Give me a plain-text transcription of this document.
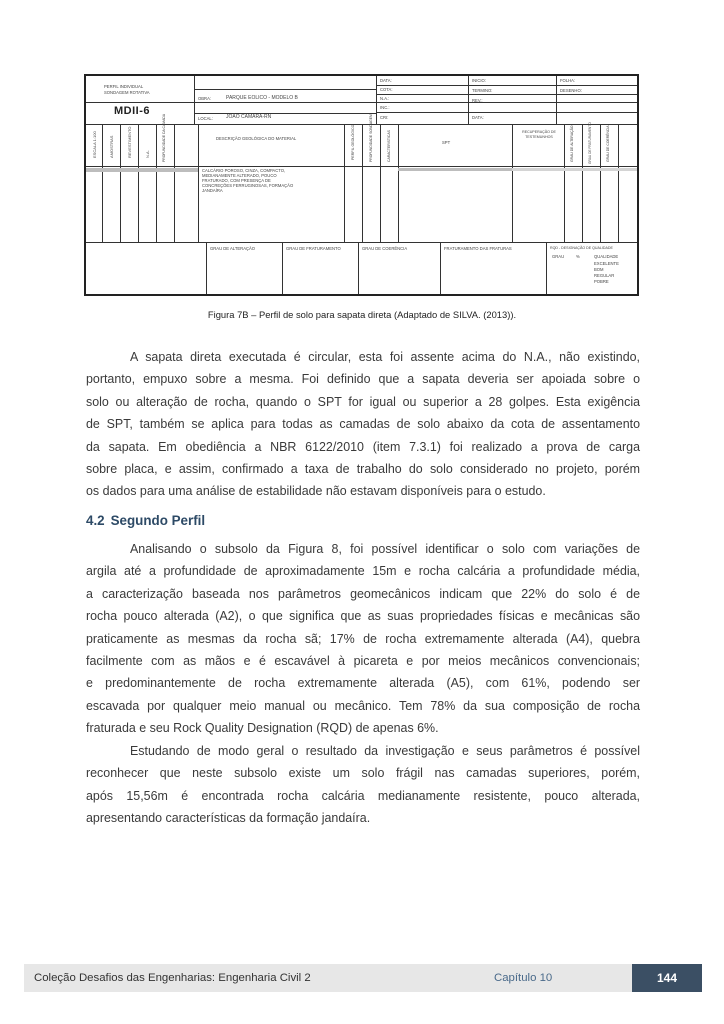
PERFIL INDIVIDUAL
SONDAGEM ROTATIVA
MDII-6
OBRA:	PARQUE EOLICO - MODELO B
LOCAL:	JOÃO CÂMARA-RN
DATA:
COTA:
N.A.:
INC.:
CRI:
INICIO:	FOLHA:
TERMINO:	DESENHO:
REV.:
DATA:
ESCALA 1:100	AMOSTRAS	REVESTIMENTO	N.A.	PROFUNDIDADE DA CAMADA	DESCRIÇÃO GEOLÓGICA DO MATERIAL	PERFIL GEOLÓGICO	PROFUNDIDADE SONDAGEM	CARACTERISTICAS	SPT
RECUPERAÇÃO DE TESTEMUNHOS	GRAU DE ALTERAÇÃO	GRAU DE FRATURAMENTO	GRAU DE COERÊNCIA
CALCÁRIO POROSO, CINZA, COMPACTO,
MEDIANAMENTE ALTERADO, POUCO
FRATURADO, COM PRESENÇA DE
CONCREÇÕES FERRUGINOSAS, FORMAÇÃO
JANDAÍRA
GRAU DE ALTERAÇÃO	GRAU DE FRATURAMENTO	GRAU DE COERÊNCIA	FRATURAMENTO DAS FRATURAS	RQD - DESIGNAÇÃO DE QUALIDADE
GRAU	%	QUALIDADE
EXCELENTE
BOM
REGULAR
POBRE
Figura 7B – Perfil de solo para sapata direta (Adaptado de SILVA. (2013)).
A sapata direta executada é circular, esta foi assente acima do N.A., não existindo,
portanto, empuxo sobre a mesma. Foi definido que a sapata deveria ser apoiada sobre o
solo ou alteração de rocha, quando o SPT for igual ou superior a 28 golpes. Esta exigência
de SPT, também se aplica para todas as camadas de solo abaixo da cota de assentamento
da sapata. Em obediência a NBR 6122/2010 (item 7.3.1) foi realizado a prova de carga
sobre placa, e assim, confirmado a taxa de trabalho do solo considerado no projeto, porém
os dados para uma análise de estabilidade não estavam disponíveis para o estudo.
4.2 Segundo Perfil
Analisando o subsolo da Figura 8, foi possível identificar o solo com variações de
argila até a profundidade de aproximadamente 15m e rocha calcária a profundidade média,
a caracterização baseada nos parâmetros geomecânicos indicam que 22% do solo é de
rocha pouco alterada (A2), o que significa que as suas propriedades físicas e mecânicas são
praticamente as mesmas da rocha sã; 17% de rocha extremamente alterada (A4), quebra
facilmente com as mãos e é escavável à picareta e por meios mecânicos convencionais;
e predominantemente de rocha extremamente alterada (A5), com 61%, podendo ser
escavada por qualquer meio manual ou mecânico. Tem 78% da sua composição de rocha
fraturada e seu Rock Quality Designation (RQD) de apenas 6%.
Estudando de modo geral o resultado da investigação e seus parâmetros é possível
reconhecer que neste subsolo existe um solo frágil nas camadas superiores, porém,
após 15,56m é encontrada rocha calcária medianamente resistente, pouco alterada,
apresentando características da formação jandaíra.
Coleção Desafios das Engenharias: Engenharia Civil 2	Capítulo 10	144
